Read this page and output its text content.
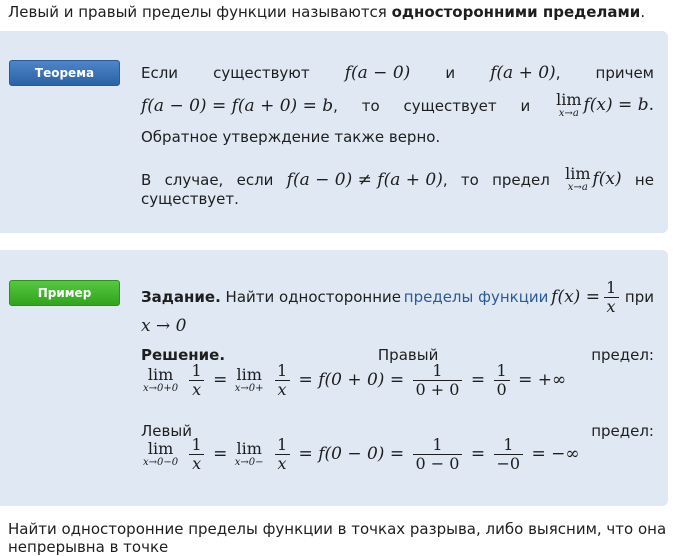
Левый и правый пределы функции называются односторонними пределами.
Теорема	Если существуют f(a − 0) и f(a + 0), причем
f(a − 0) = f(a + 0) = b, то существует и lim
x→a f(x) = b.
Обратное утверждение также верно.
В случае, если f(a − 0) ≠ f(a + 0), то предел lim
x→a f(x) не
существует.
Пример	Задание. Найти односторонние пределы функции $f(x) = \frac{1}{x}$ при
x → 0
Решение.	Правый	предел:
lim
x→0+0
$\frac{1}{x} = \lim$
x→0+
$\frac{1}{x} = f(0 + 0) = \frac{1}{0 + 0} = \frac{1}{0}$ = +∞
Левый	предел:
lim
x→0−0
$\frac{1}{x} = \lim$
x→0−
$\frac{1}{x} = f(0 - 0) = \frac{1}{0 - 0} = \frac{1}{-0}$ = −∞
Найти односторонние пределы функции в точках разрыва, либо выясним, что она непрерывна в точке
